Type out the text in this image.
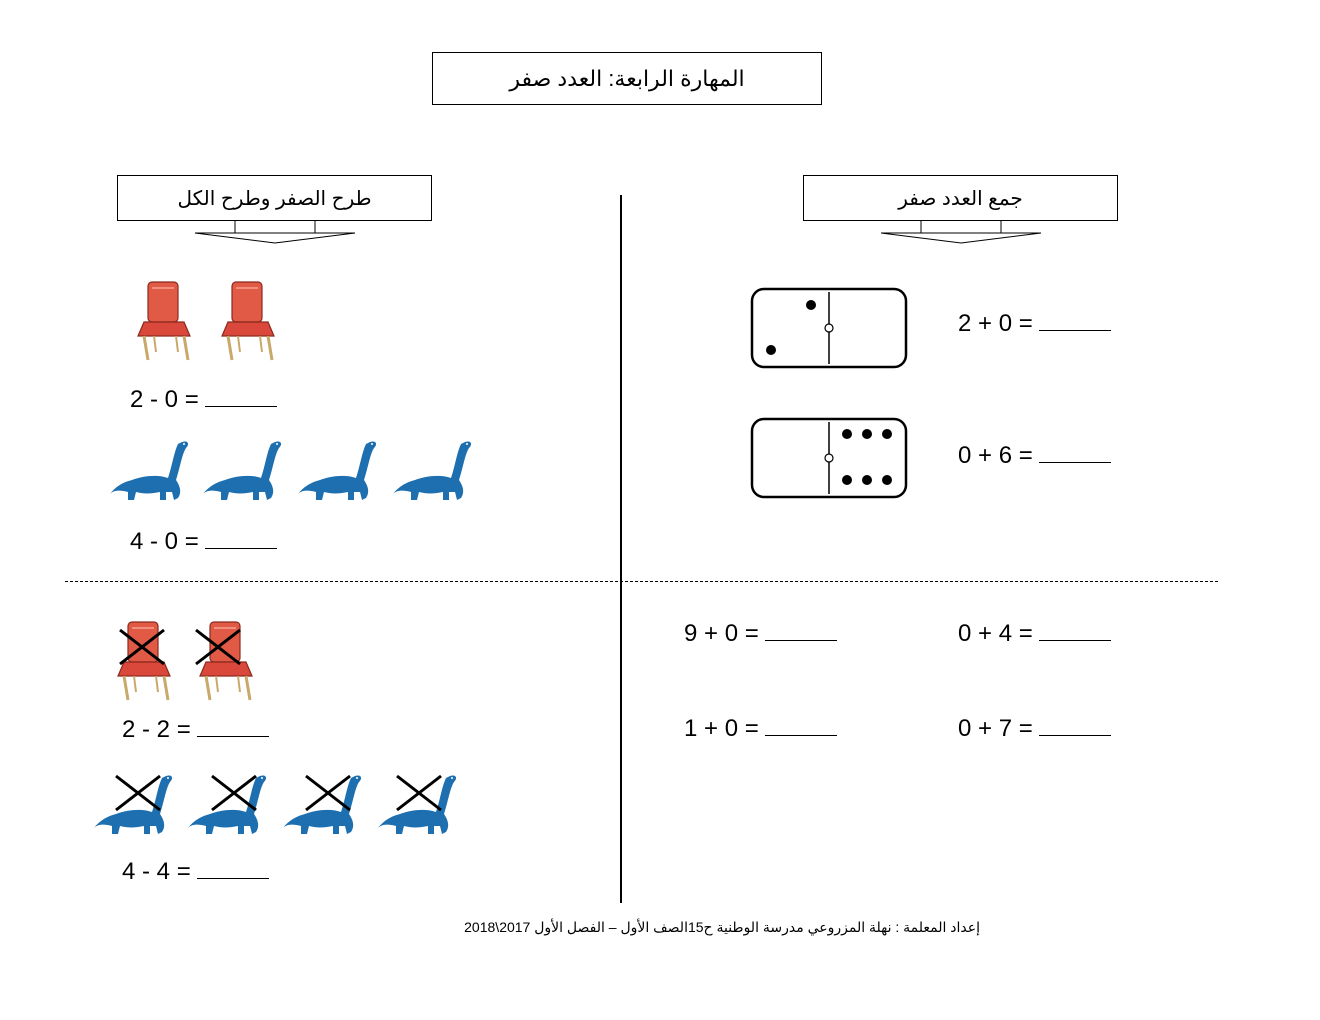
المهارة الرابعة: العدد صفر
طرح الصفر وطرح الكل	جمع العدد صفر
2 - 0 =
4 - 0 =
2 - 2 =
4 - 4 =
2 + 0 =
0 + 6 =
9 + 0 =	0 + 4 =
1 + 0 =	0 + 7 =
إعداد المعلمة : نهلة المزروعي مدرسة الوطنية ح15الصف الأول – الفصل الأول 2017\2018
